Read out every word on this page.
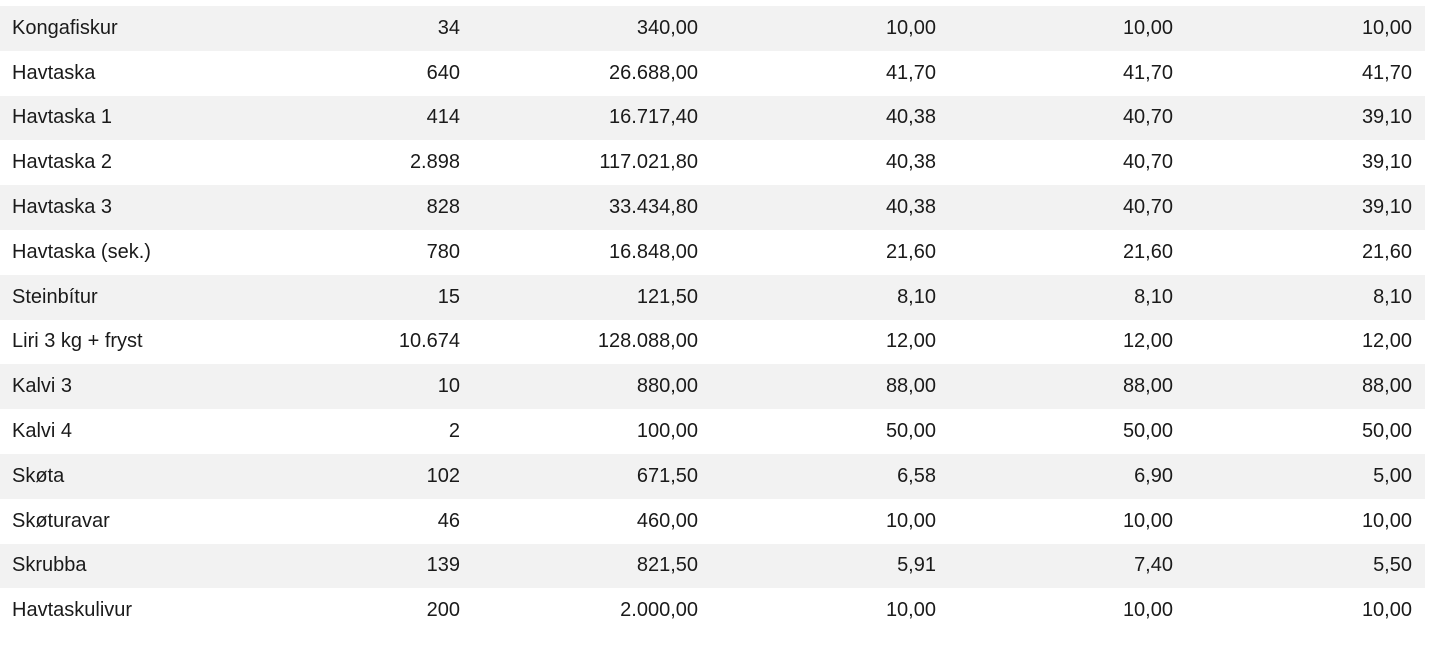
Kongafiskur	34	340,00	10,00	10,00	10,00
Havtaska	640	26.688,00	41,70	41,70	41,70
Havtaska 1	414	16.717,40	40,38	40,70	39,10
Havtaska 2	2.898	117.021,80	40,38	40,70	39,10
Havtaska 3	828	33.434,80	40,38	40,70	39,10
Havtaska (sek.)	780	16.848,00	21,60	21,60	21,60
Steinbítur	15	121,50	8,10	8,10	8,10
Liri 3 kg + fryst	10.674	128.088,00	12,00	12,00	12,00
Kalvi 3	10	880,00	88,00	88,00	88,00
Kalvi 4	2	100,00	50,00	50,00	50,00
Skøta	102	671,50	6,58	6,90	5,00
Skøturavar	46	460,00	10,00	10,00	10,00
Skrubba	139	821,50	5,91	7,40	5,50
Havtaskulivur	200	2.000,00	10,00	10,00	10,00
